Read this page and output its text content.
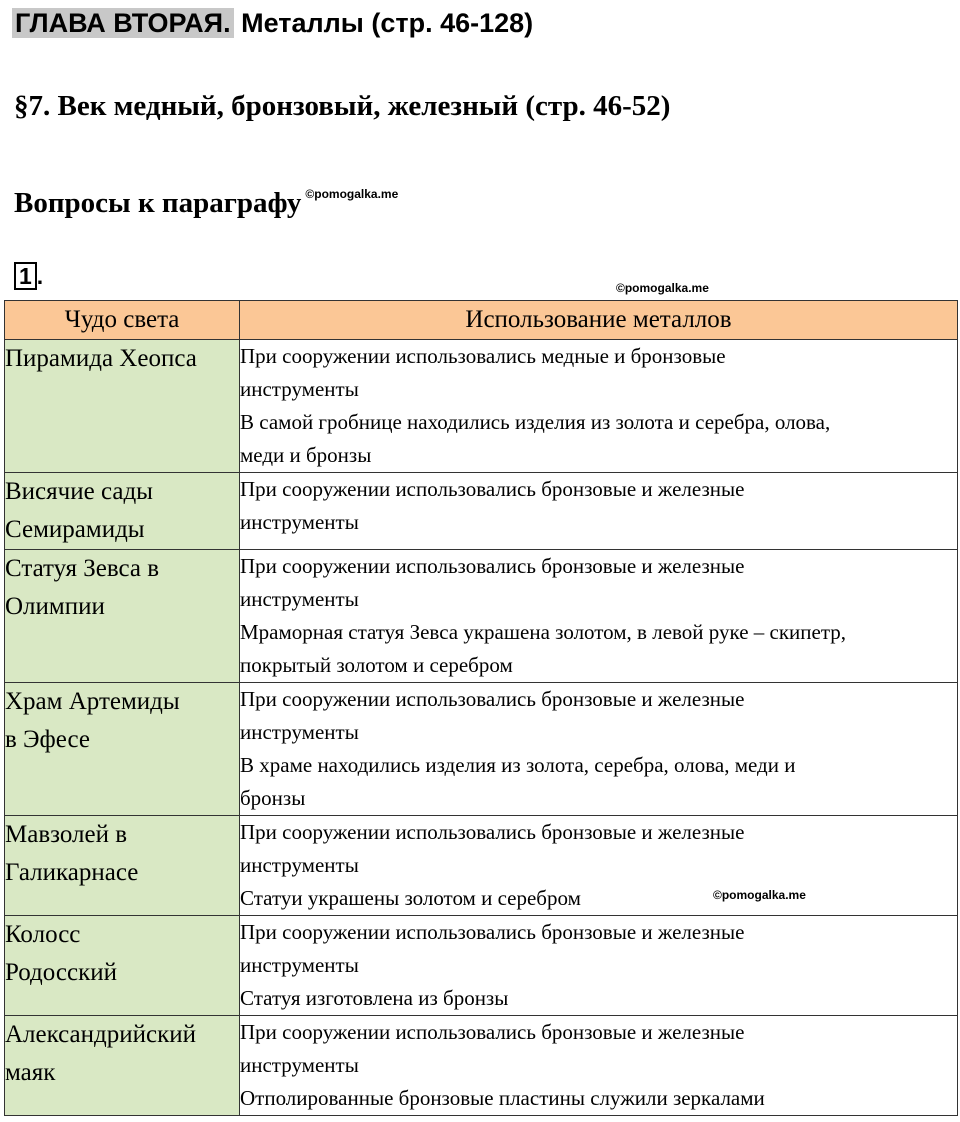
ГЛАВА ВТОРАЯ. Металлы (стр. 46-128)
§7. Век медный, бронзовый, железный (стр. 46-52)
Вопросы к параграфу $^{©pomogalka.me}$
1 .	©pomogalka.me
Чудо света	Использование металлов

Пирамида Хеопса	При сооружении использовались медные и бронзовые
инструменты
В самой гробнице находились изделия из золота и серебра, олова,
меди и бронзы

Висячие сады
Семирамиды	При сооружении использовались бронзовые и железные
инструменты

Статуя Зевса в
Олимпии	При сооружении использовались бронзовые и железные
инструменты
Мраморная статуя Зевса украшена золотом, в левой руке – скипетр,
покрытый золотом и серебром

Храм Артемиды
в Эфесе	При сооружении использовались бронзовые и железные
инструменты
В храме находились изделия из золота, серебра, олова, меди и
бронзы

Мавзолей в
Галикарнасе	При сооружении использовались бронзовые и железные
инструменты
Статуи украшены золотом и серебром

Колосс
Родосский	При сооружении использовались бронзовые и железные
инструменты
Статуя изготовлена из бронзы

Александрийский
маяк	При сооружении использовались бронзовые и железные
инструменты
Отполированные бронзовые пластины служили зеркалами
©pomogalka.me
